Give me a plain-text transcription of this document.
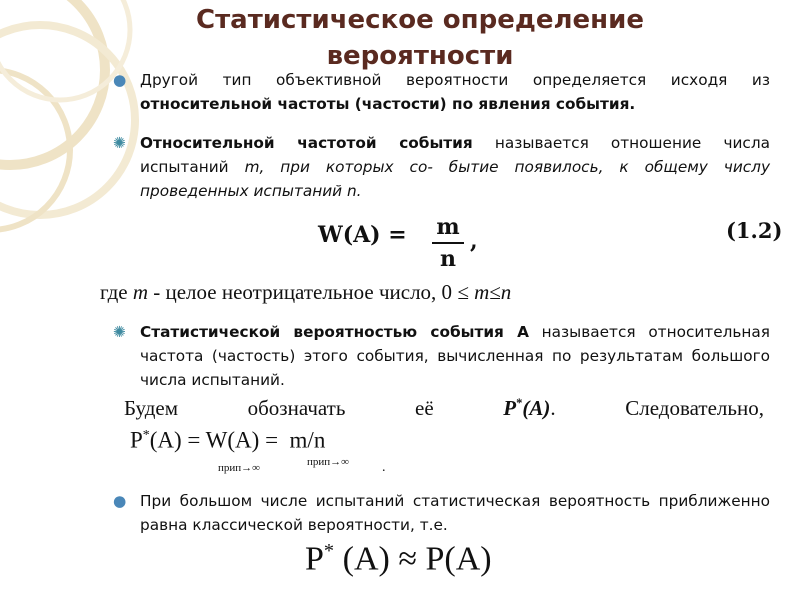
Статистическое определение вероятности
● Другой тип объективной вероятности определяется исходя из относительной частоты (частости) по явления события.
✺ Относительной частотой события называется отношение числа испытаний m, при которых со- бытие появилось, к общему числу проведенных испытаний n.
W(A) = m
n
,	(1.2)
где m - целое неотрицательное число, 0 ≤ m≤n
✺ Статистической вероятностью события А называется относительная частота (частость) этого события, вычисленная по результатам большого числа испытаний.
Будем	обозначать	её	P*(A).	Следовательно,
P*(A) = W(A) =  m/n
прип→∞	прип→∞ .
● При большом числе испытаний статистическая вероятность приближенно равна классической вероятности, т.е.
P* (A) ≈ P(A)
